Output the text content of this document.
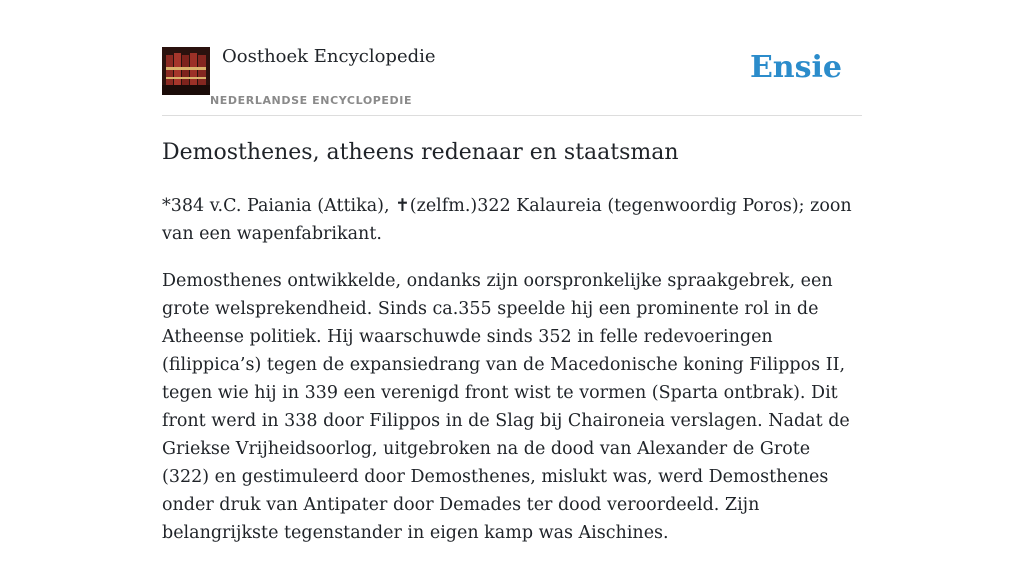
Oosthoek Encyclopedie
NEDERLANDSE ENCYCLOPEDIE
Ensie
Demosthenes, atheens redenaar en staatsman

*384 v.C. Paiania (Attika), ✝(zelfm.)322 Kalaureia (tegenwoordig Poros); zoon van een wapenfabrikant.

Demosthenes ontwikkelde, ondanks zijn oorspronkelijke spraakgebrek, een grote welsprekendheid. Sinds ca.355 speelde hij een prominente rol in de Atheense politiek. Hij waarschuwde sinds 352 in felle redevoeringen (filippica’s) tegen de expansiedrang van de Macedonische koning Filippos II, tegen wie hij in 339 een verenigd front wist te vormen (Sparta ontbrak). Dit front werd in 338 door Filippos in de Slag bij Chaironeia verslagen. Nadat de Griekse Vrijheidsoorlog, uitgebroken na de dood van Alexander de Grote (322) en gestimuleerd door Demosthenes, mislukt was, werd Demosthenes onder druk van Antipater door Demades ter dood veroordeeld. Zijn belangrijkste tegenstander in eigen kamp was Aischines.
